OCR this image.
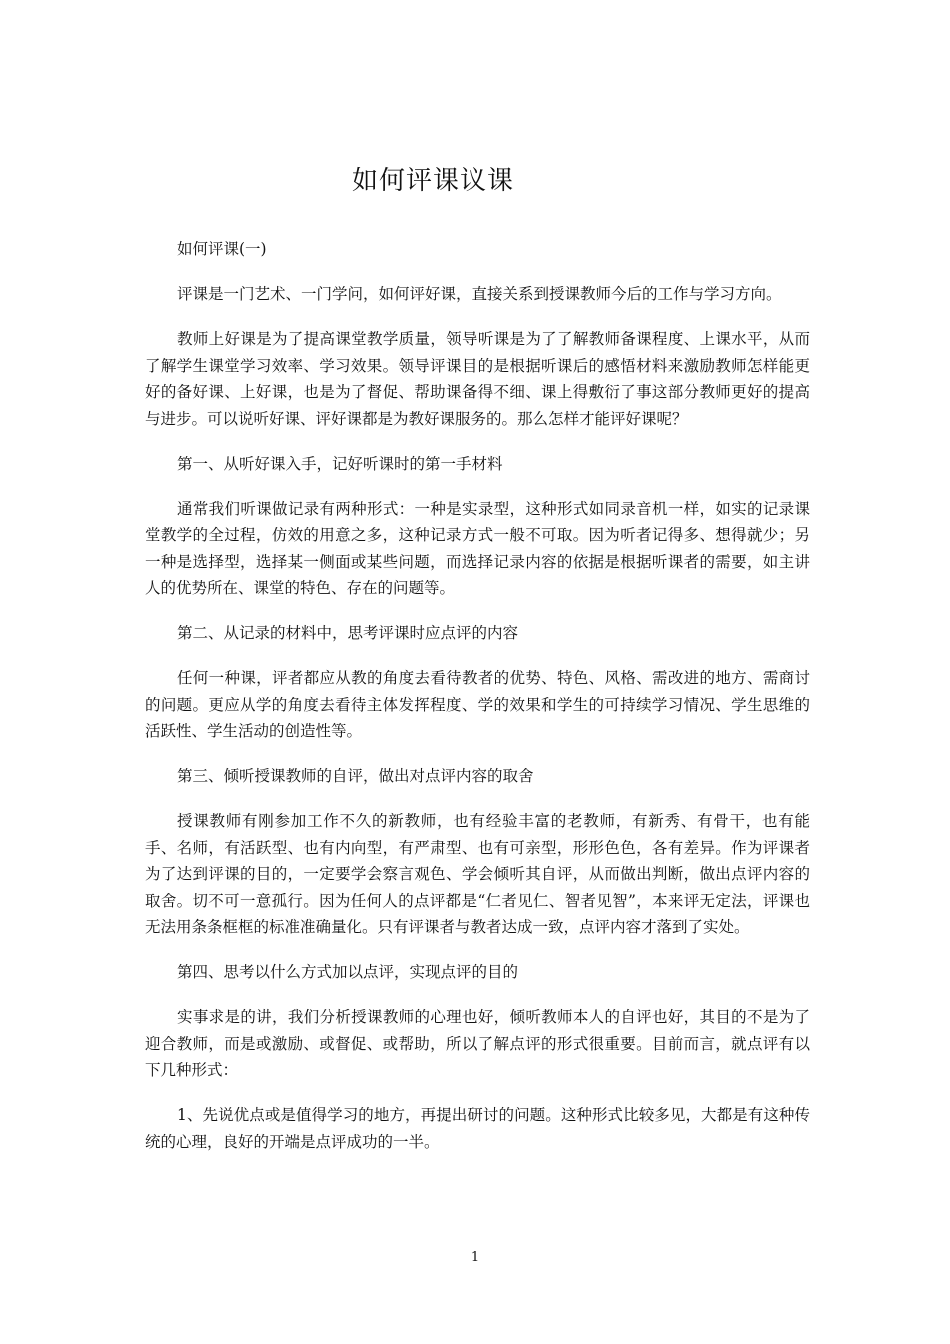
如何评课议课

如何评课(一)

评课是一门艺术、一门学问，如何评好课，直接关系到授课教师今后的工作与学习方向。

教师上好课是为了提高课堂教学质量，领导听课是为了了解教师备课程度、上课水平，从而了解学生课堂学习效率、学习效果。领导评课目的是根据听课后的感悟材料来激励教师怎样能更好的备好课、上好课，也是为了督促、帮助课备得不细、课上得敷衍了事这部分教师更好的提高与进步。可以说听好课、评好课都是为教好课服务的。那么怎样才能评好课呢？

第一、从听好课入手，记好听课时的第一手材料

通常我们听课做记录有两种形式：一种是实录型，这种形式如同录音机一样，如实的记录课堂教学的全过程，仿效的用意之多，这种记录方式一般不可取。因为听者记得多、想得就少；另一种是选择型，选择某一侧面或某些问题，而选择记录内容的依据是根据听课者的需要，如主讲人的优势所在、课堂的特色、存在的问题等。

第二、从记录的材料中，思考评课时应点评的内容

任何一种课，评者都应从教的角度去看待教者的优势、特色、风格、需改进的地方、需商讨的问题。更应从学的角度去看待主体发挥程度、学的效果和学生的可持续学习情况、学生思维的活跃性、学生活动的创造性等。

第三、倾听授课教师的自评，做出对点评内容的取舍

授课教师有刚参加工作不久的新教师，也有经验丰富的老教师，有新秀、有骨干，也有能手、名师，有活跃型、也有内向型，有严肃型、也有可亲型，形形色色，各有差异。作为评课者为了达到评课的目的，一定要学会察言观色、学会倾听其自评，从而做出判断，做出点评内容的取舍。切不可一意孤行。因为任何人的点评都是“仁者见仁、智者见智”，本来评无定法，评课也无法用条条框框的标准准确量化。只有评课者与教者达成一致，点评内容才落到了实处。

第四、思考以什么方式加以点评，实现点评的目的

实事求是的讲，我们分析授课教师的心理也好，倾听教师本人的自评也好，其目的不是为了迎合教师，而是或激励、或督促、或帮助，所以了解点评的形式很重要。目前而言，就点评有以下几种形式：

1、先说优点或是值得学习的地方，再提出研讨的问题。这种形式比较多见，大都是有这种传统的心理，良好的开端是点评成功的一半。

1
